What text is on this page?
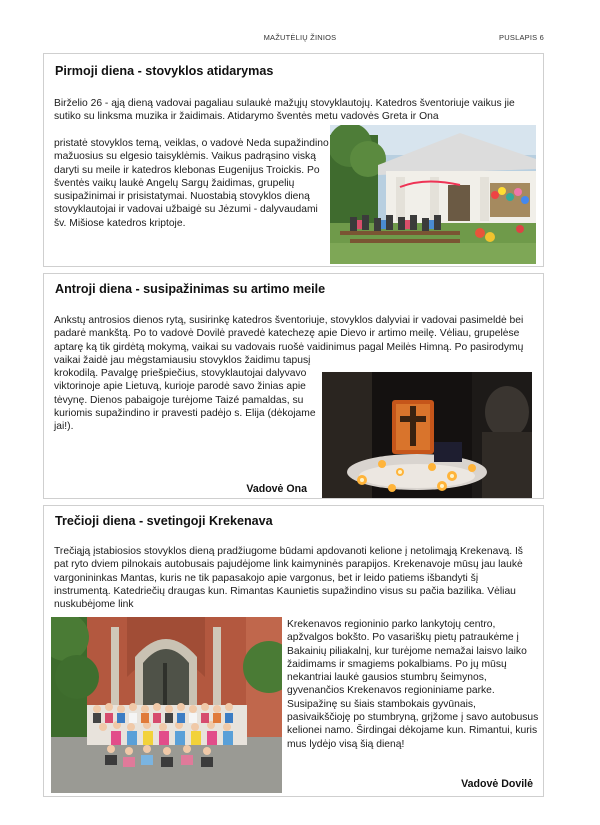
MAŽUTĖLIŲ ŽINIOS	PUSLAPIS 6
Pirmoji diena - stovyklos atidarymas
Birželio 26 - ąją dieną vadovai pagaliau sulaukė mažųjų stovyklautojų. Katedros šventoriuje vaikus jie sutiko su linksma muzika ir žaidimais. Atidarymo šventės metu vadovės Greta ir Ona
pristatė stovyklos temą, veiklas, o vadovė Neda supažindino mažuosius su elgesio taisyklėmis. Vaikus padrąsino viską daryti su meile ir katedros klebonas Eugenijus Troickis. Po šventės vaikų laukė Angelų Sargų žaidimas, grupelių susipažinimai ir prisistatymai. Nuostabią stovyklos dieną stovyklautojai ir vadovai užbaigė su Jėzumi - dalyvaudami šv. Mišiose katedros kriptoje.
Antroji diena - susipažinimas su artimo meile
Ankstų antrosios dienos rytą, susirinkę katedros šventoriuje, stovyklos dalyviai ir vadovai pasimeldė bei padarė mankštą. Po to vadovė Dovilė pravedė katechezę apie Dievo ir artimo meilę. Vėliau, grupelėse aptarę ką tik girdėtą mokymą, vaikai su vadovais ruošė vaidinimus pagal Meilės Himną. Po pasirodymų vaikai žaidė jau mėgstamiausiu stovyklos žaidimu tapusį
krokodilą. Pavalgę priešpiečius, stovyklautojai dalyvavo viktorinoje apie Lietuvą, kurioje parodė savo žinias apie tėvynę. Dienos pabaigoje turėjome Taizé pamaldas, su kuriomis supažindino ir pravesti padėjo s. Elija (dėkojame jai!).
Vadovė Ona
Trečioji diena - svetingoji Krekenava
Trečiąją įstabiosios stovyklos dieną pradžiugome būdami apdovanoti kelione į netolimąją Krekenavą. Iš pat ryto dviem pilnokais autobusais pajudėjome link kaimyninės parapijos. Krekenavoje mūsų jau laukė vargonininkas Mantas, kuris ne tik papasakojo apie vargonus, bet ir leido patiems išbandyti šį instrumentą. Katedriečių draugas kun. Rimantas Kaunietis supažindino visus su pačia bazilika. Vėliau nuskubėjome link
Krekenavos regioninio parko lankytojų centro, apžvalgos bokšto. Po vasariškų pietų patraukėme į Bakainių piliakalnį, kur turėjome nemažai laisvo laiko žaidimams ir smagiems pokalbiams. Po jų mūsų nekantriai laukė gausios stumbrų šeimynos, gyvenančios Krekenavos regioniniame parke. Susipažinę su šiais stambokais gyvūnais, pasivaikščioję po stumbryną, grįžome į savo autobusus kelionei namo. Širdingai dėkojame kun. Rimantui, kuris mus lydėjo visą šią dieną!
Vadovė Dovilė
